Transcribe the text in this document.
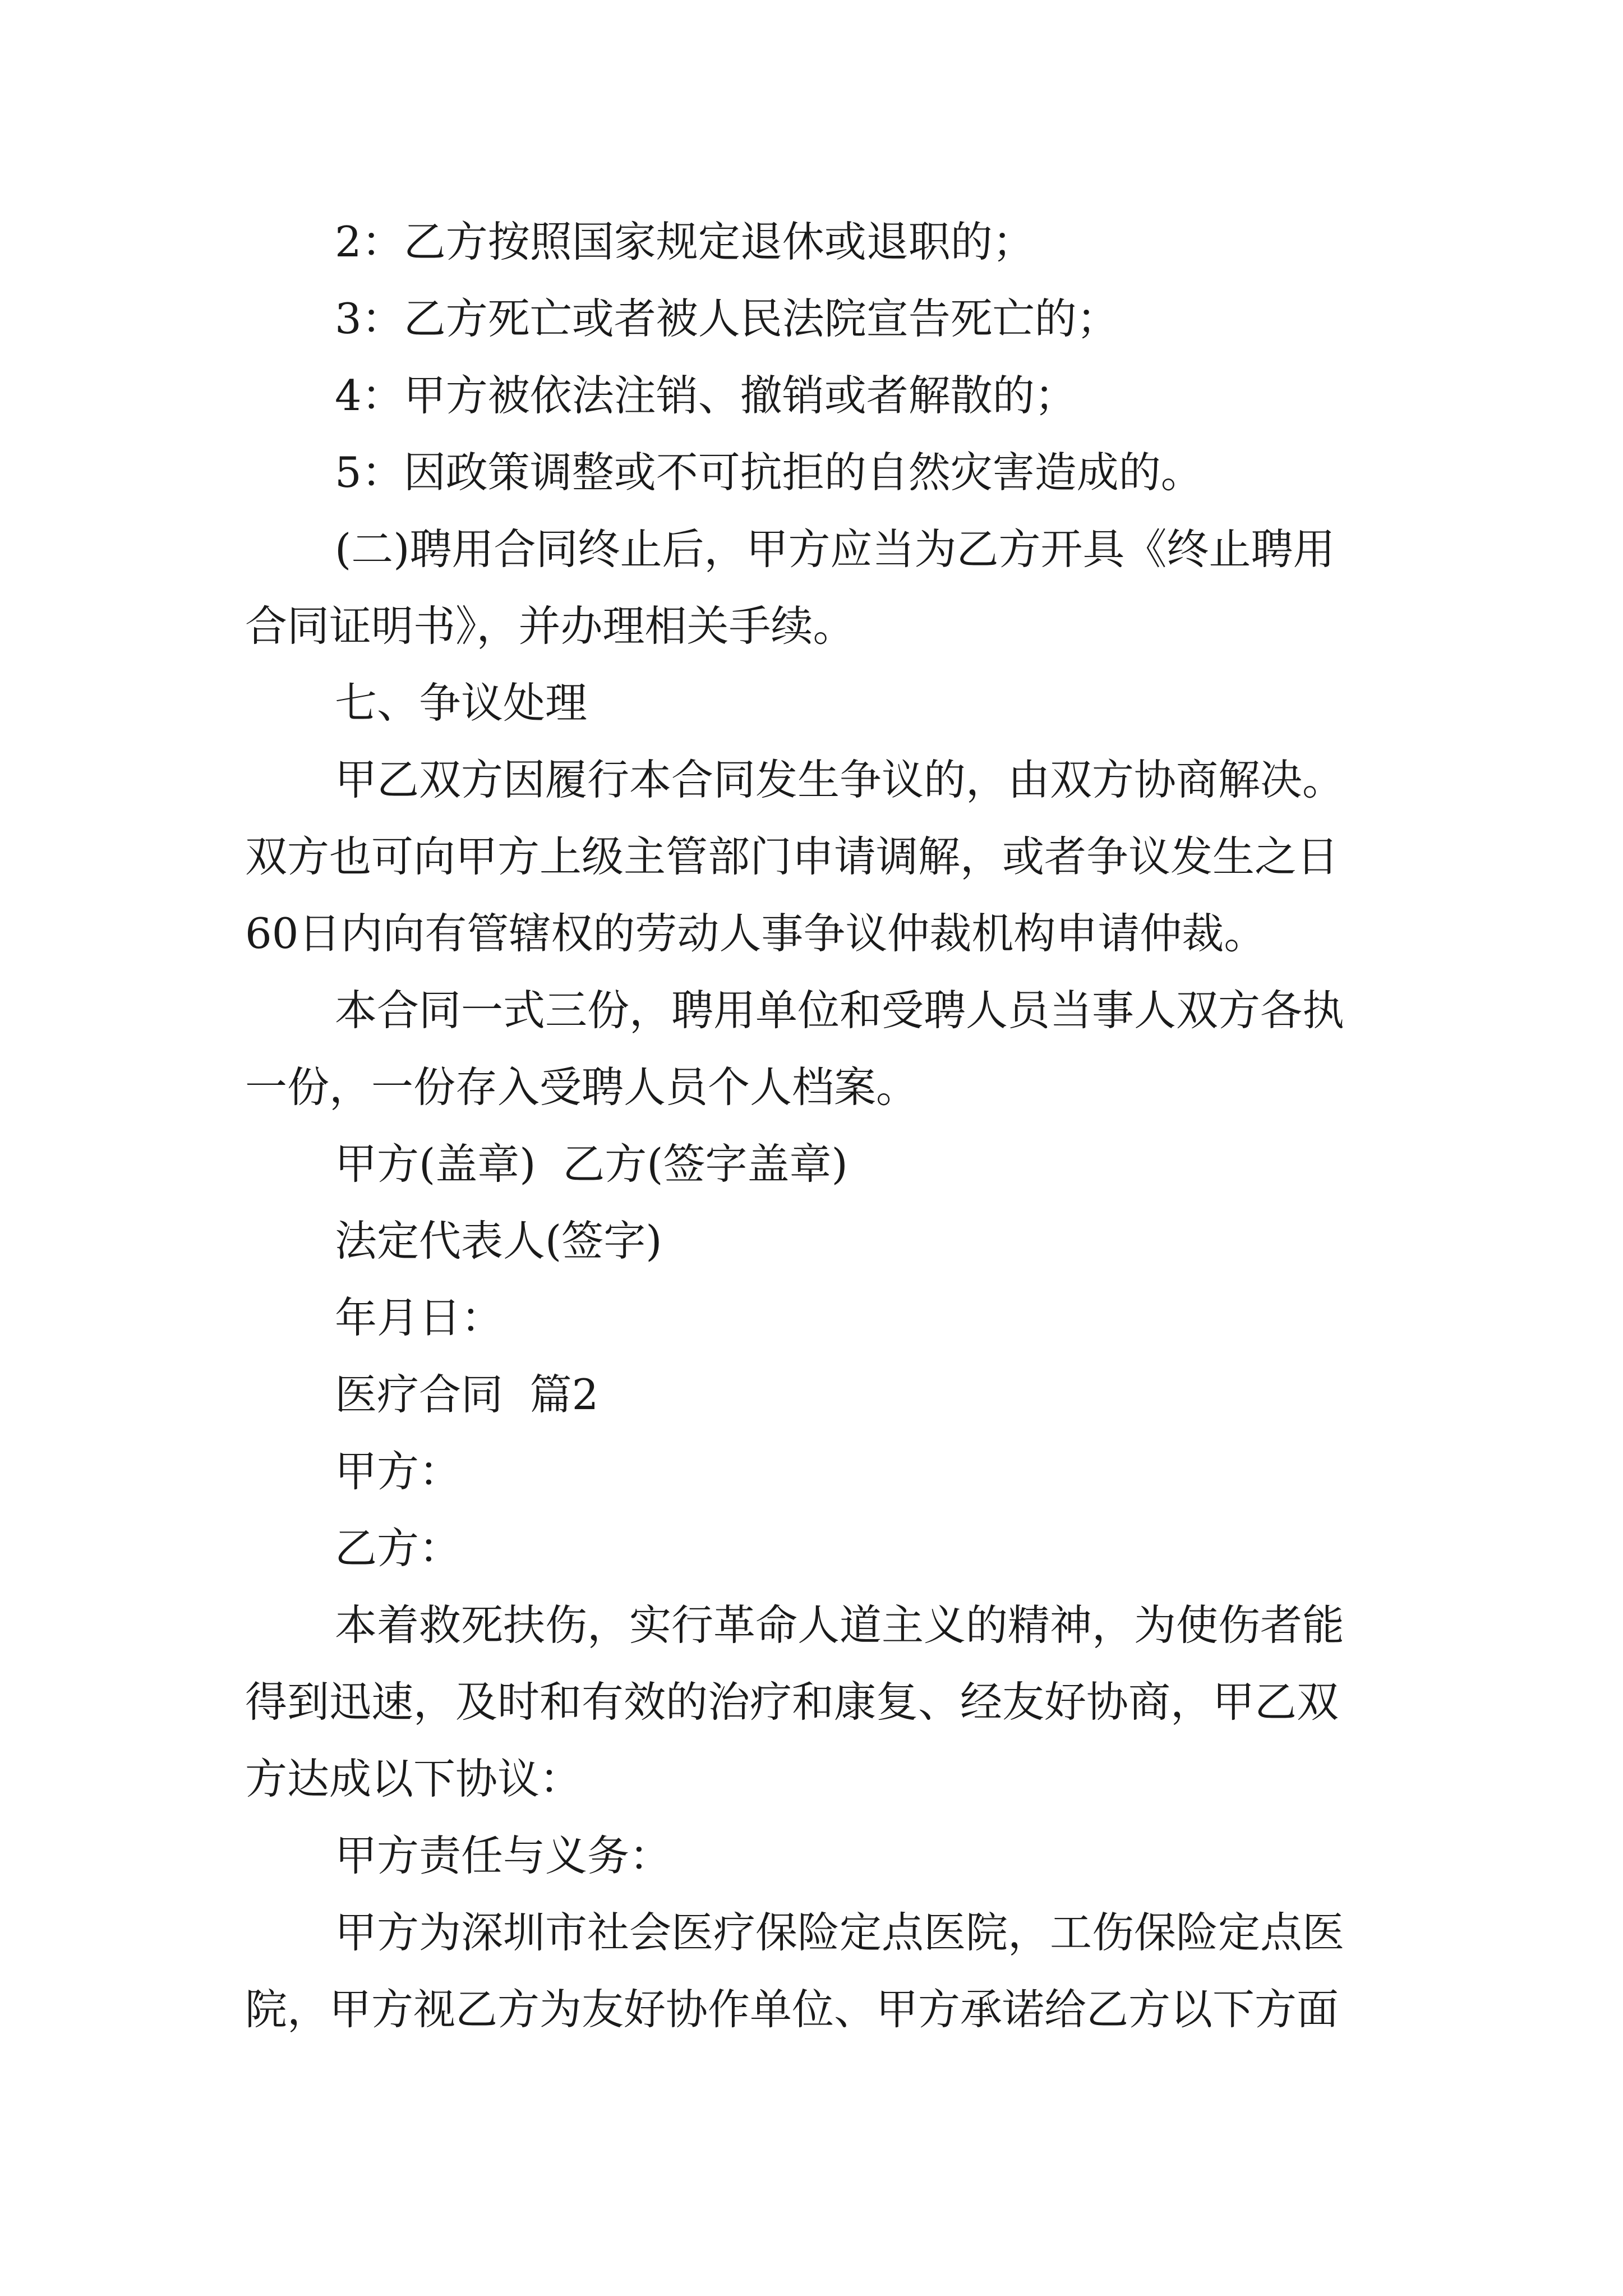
2：乙方按照国家规定退休或退职的；
3：乙方死亡或者被人民法院宣告死亡的；
4：甲方被依法注销、撤销或者解散的；
5：因政策调整或不可抗拒的自然灾害造成的。
(二)聘用合同终止后，甲方应当为乙方开具《终止聘用
合同证明书》，并办理相关手续。
七、争议处理
甲乙双方因履行本合同发生争议的，由双方协商解决。
双方也可向甲方上级主管部门申请调解，或者争议发生之日
60日内向有管辖权的劳动人事争议仲裁机构申请仲裁。
本合同一式三份，聘用单位和受聘人员当事人双方各执
一份，一份存入受聘人员个人档案。
甲方(盖章)  乙方(签字盖章)
法定代表人(签字)
年月日：
医疗合同  篇2
甲方：
乙方：
本着救死扶伤，实行革命人道主义的精神，为使伤者能
得到迅速，及时和有效的治疗和康复、经友好协商，甲乙双
方达成以下协议：
甲方责任与义务：
甲方为深圳市社会医疗保险定点医院，工伤保险定点医
院，甲方视乙方为友好协作单位、甲方承诺给乙方以下方面
